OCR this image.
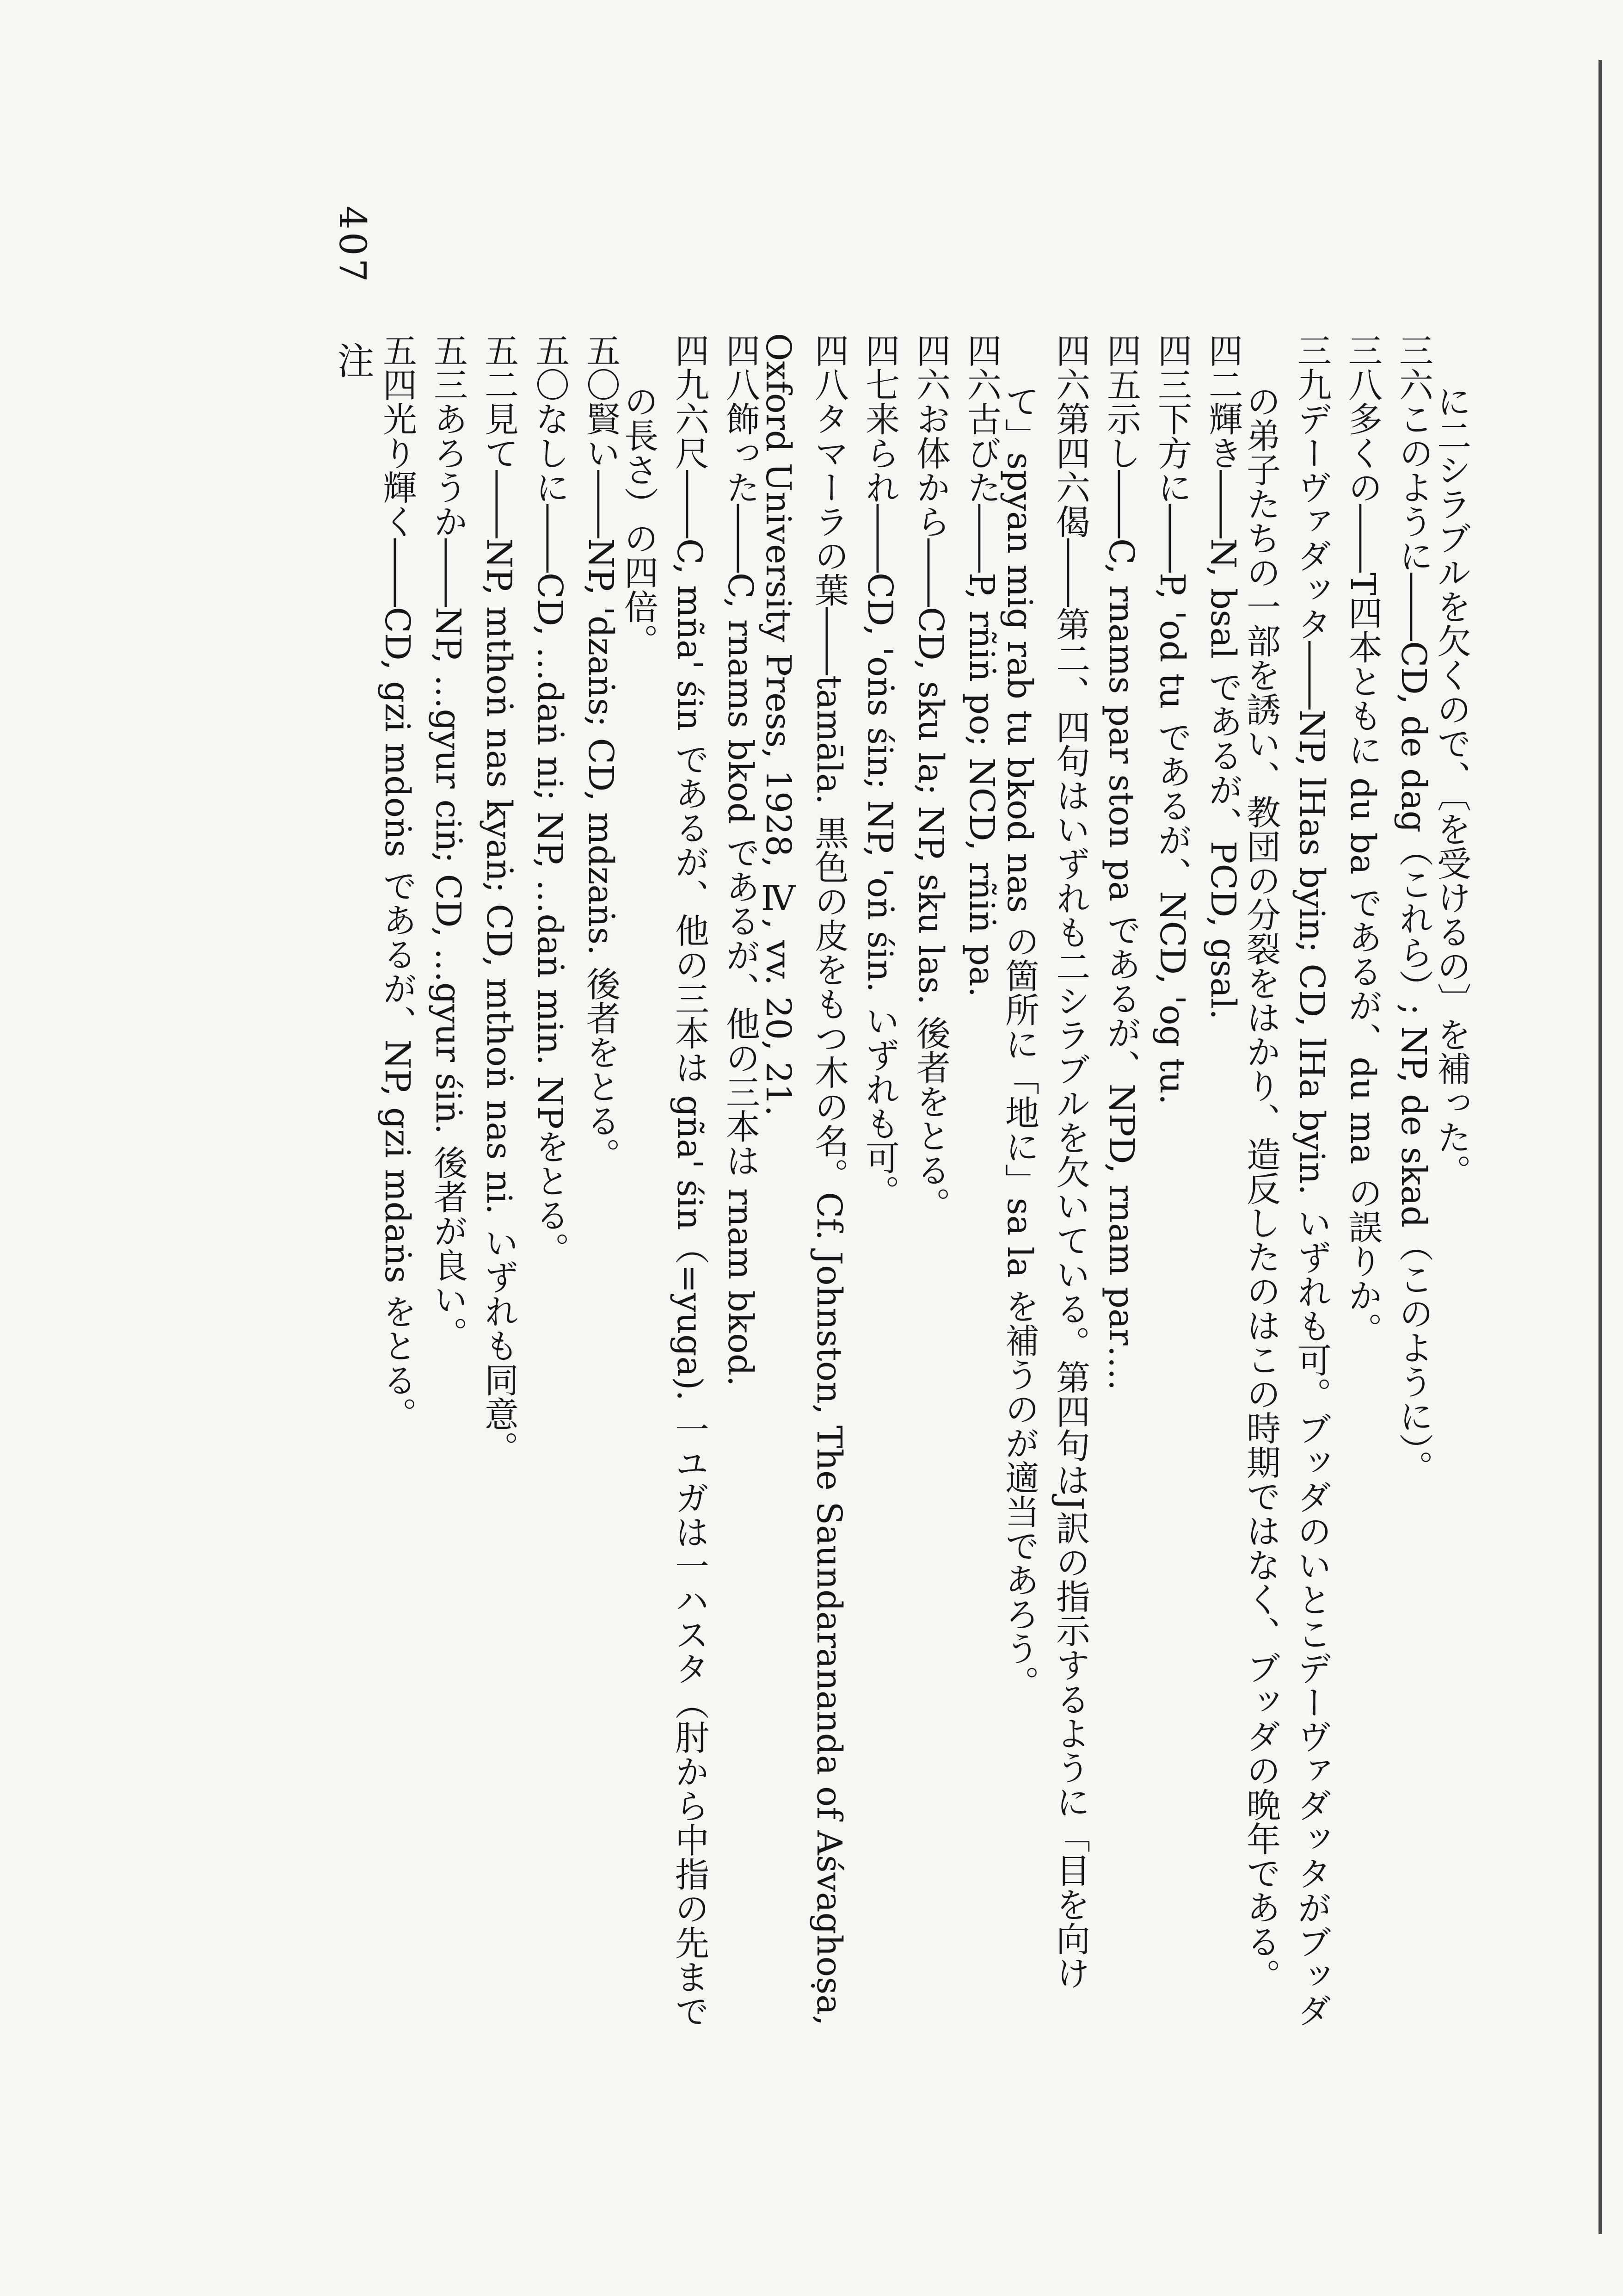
407  注

に二シラブルを欠くので、〔を受けるの〕を補った。

三六このように――CD, de dag（これら）; NP, de skad（このように）。

三八多くの――T四本ともに du ba であるが、du ma の誤りか。

三九デーヴァダッタ――NP, lHas byin; CD, lHa byin. いずれも可。ブッダのいとこデーヴァダッタがブッダ

の弟子たちの一部を誘い、教団の分裂をはかり、造反したのはこの時期ではなく、ブッダの晩年である。

四二輝き――N, bsal であるが、PCD, gsal.

四三下方に――P, 'od tu であるが、NCD, 'og tu.

四五示し――C, rnams par ston pa であるが、NPD, rnam par….

四六第四六偈――第二、四句はいずれも二シラブルを欠いている。第四句はJ訳の指示するように「目を向け

て」spyan mig rab tu bkod nas の箇所に「地に」sa la を補うのが適当であろう。

四六古びた――P, rñiṅ po; NCD, rñiṅ pa.

四六お体から――CD, sku la; NP, sku las. 後者をとる。

四七来られ――CD, 'oṅs śin; NP, 'oṅ śin. いずれも可。

四八タマーラの葉――tamāla. 黒色の皮をもつ木の名。Cf. Johnston, The Saundarananda of Aśvaghoṣa,

Oxford University Press, 1928, Ⅳ, vv. 20, 21.

四八飾った――C, rnams bkod であるが、他の三本は rnam bkod.

四九六尺――C, mña' śin であるが、他の三本は gña' śin（=yuga). 一ユガは一ハスタ（肘から中指の先まで

の長さ）の四倍。

五〇賢い――NP, 'dzaṅs; CD, mdzaṅs. 後者をとる。

五〇なしに――CD, …daṅ ni; NP, …daṅ min. NPをとる。

五二見て――NP, mthoṅ nas kyaṅ; CD, mthoṅ nas ni. いずれも同意。

五三あろうか――NP, …gyur ciṅ; CD, …gyur śiṅ. 後者が良い。

五四光り輝く――CD, gzi mdoṅs であるが、NP, gzi mdaṅs をとる。
